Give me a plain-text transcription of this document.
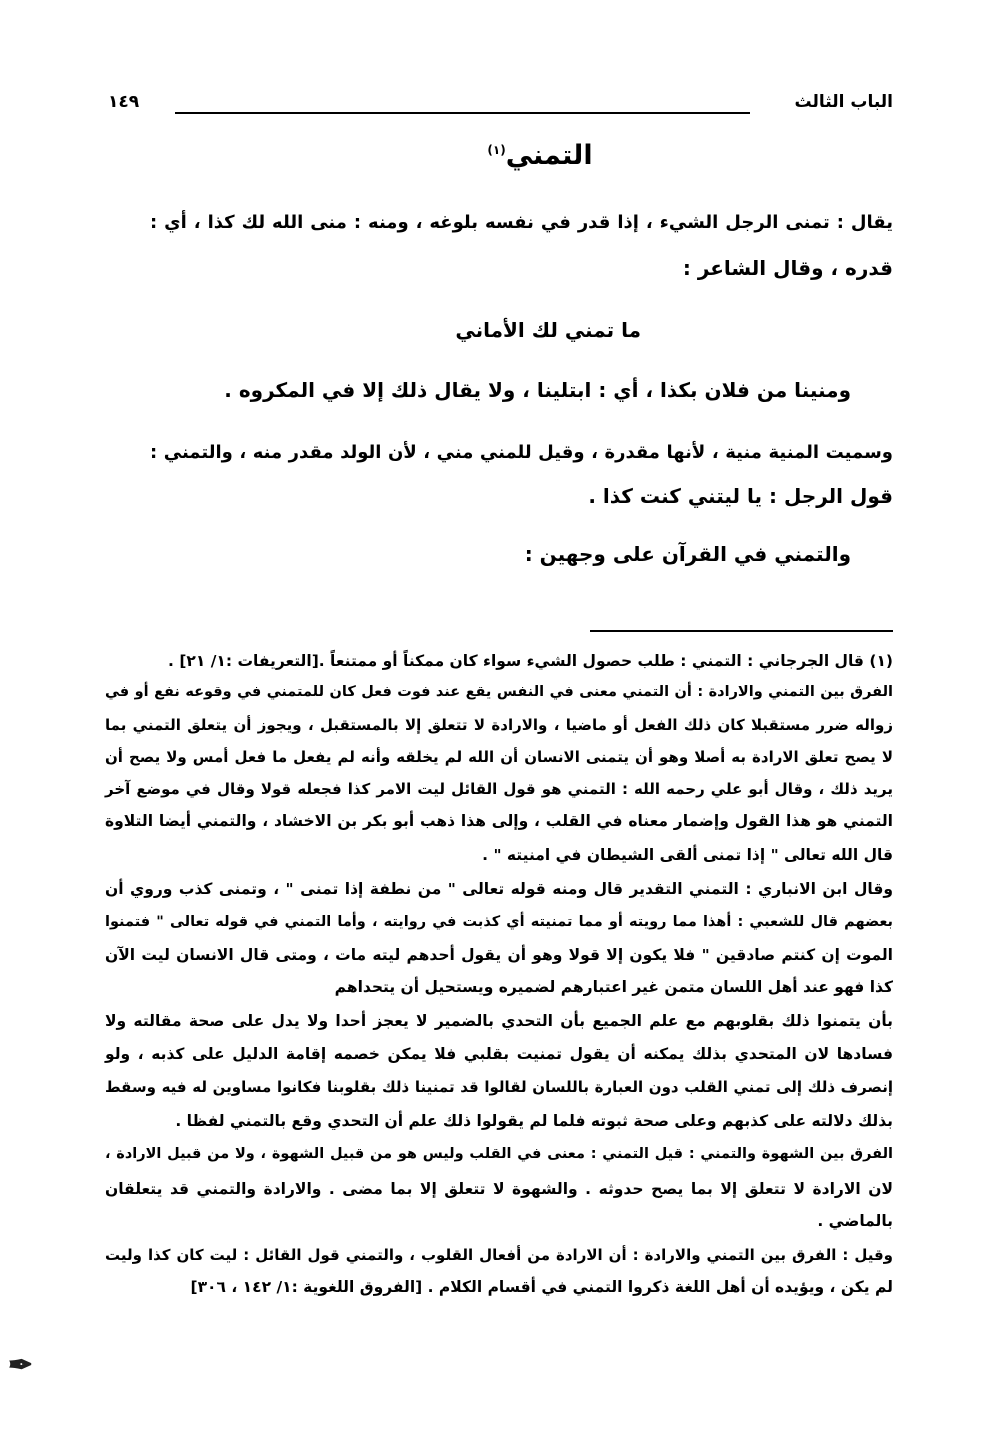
الباب الثالث
١٤٩
التمني$^{(١)}$
يقال : تمنى الرجل الشيء ، إذا قدر في نفسه بلوغه ، ومنه : منى الله لك كذا ، أي :
قدره ، وقال الشاعر :
ما تمني لك الأماني
ومنينا من فلان بكذا ، أي : ابتلينا ، ولا يقال ذلك إلا في المكروه .
وسميت المنية منية ، لأنها مقدرة ، وقيل للمني مني ، لأن الولد مقدر منه ، والتمني :
قول الرجل : يا ليتني كنت كذا .
والتمني في القرآن على وجهين :
(١) قال الجرجاني : التمني : طلب حصول الشيء سواء كان ممكناً أو ممتنعاً .[التعريفات :١/ ٢١] .
الفرق بين التمني والارادة : أن التمني معنى في النفس يقع عند فوت فعل كان للمتمني في وقوعه نفع أو في
زواله ضرر مستقبلا كان ذلك الفعل أو ماضيا ، والارادة لا تتعلق إلا بالمستقبل ، ويجوز أن يتعلق التمني بما
لا يصح تعلق الارادة به أصلا وهو أن يتمنى الانسان أن الله لم يخلقه وأنه لم يفعل ما فعل أمس ولا يصح أن
يريد ذلك ، وقال أبو علي رحمه الله : التمني هو قول القائل ليت الامر كذا فجعله قولا وقال في موضع آخر
التمني هو هذا القول وإضمار معناه في القلب ، وإلى هذا ذهب أبو بكر بن الاخشاد ، والتمني أيضا التلاوة
قال الله تعالى " إذا تمنى ألقى الشيطان في امنيته " .
وقال ابن الانباري : التمني التقدير قال ومنه قوله تعالى " من نطفة إذا تمنى " ، وتمنى كذب وروي أن
بعضهم قال للشعبي : أهذا مما رويته أو مما تمنيته أي كذبت في روايته ، وأما التمني في قوله تعالى " فتمنوا
الموت إن كنتم صادقين " فلا يكون إلا قولا وهو أن يقول أحدهم ليته مات ، ومتى قال الانسان ليت الآن
كذا فهو عند أهل اللسان متمن غير اعتبارهم لضميره ويستحيل أن يتحداهم
بأن يتمنوا ذلك بقلوبهم مع علم الجميع بأن التحدي بالضمير لا يعجز أحدا ولا يدل على صحة مقالته ولا
فسادها لان المتحدي بذلك يمكنه أن يقول تمنيت بقلبي فلا يمكن خصمه إقامة الدليل على كذبه ، ولو
إنصرف ذلك إلى تمني القلب دون العبارة باللسان لقالوا قد تمنينا ذلك بقلوبنا فكانوا مساوين له فيه وسقط
بذلك دلالته على كذبهم وعلى صحة ثبوته فلما لم يقولوا ذلك علم أن التحدي وقع بالتمني لفظا .
الفرق بين الشهوة والتمني : قيل التمني : معنى في القلب وليس هو من قبيل الشهوة ، ولا من قبيل الارادة ،
لان الارادة لا تتعلق إلا بما يصح حدوثه . والشهوة لا تتعلق إلا بما مضى . والارادة والتمني قد يتعلقان
بالماضي .
وقيل : الفرق بين التمني والارادة : أن الارادة من أفعال القلوب ، والتمني قول القائل : ليت كان كذا وليت
لم يكن ، ويؤيده أن أهل اللغة ذكروا التمني في أقسام الكلام . [الفروق اللغوية :١/ ١٤٢ ، ٣٠٦]
✒
